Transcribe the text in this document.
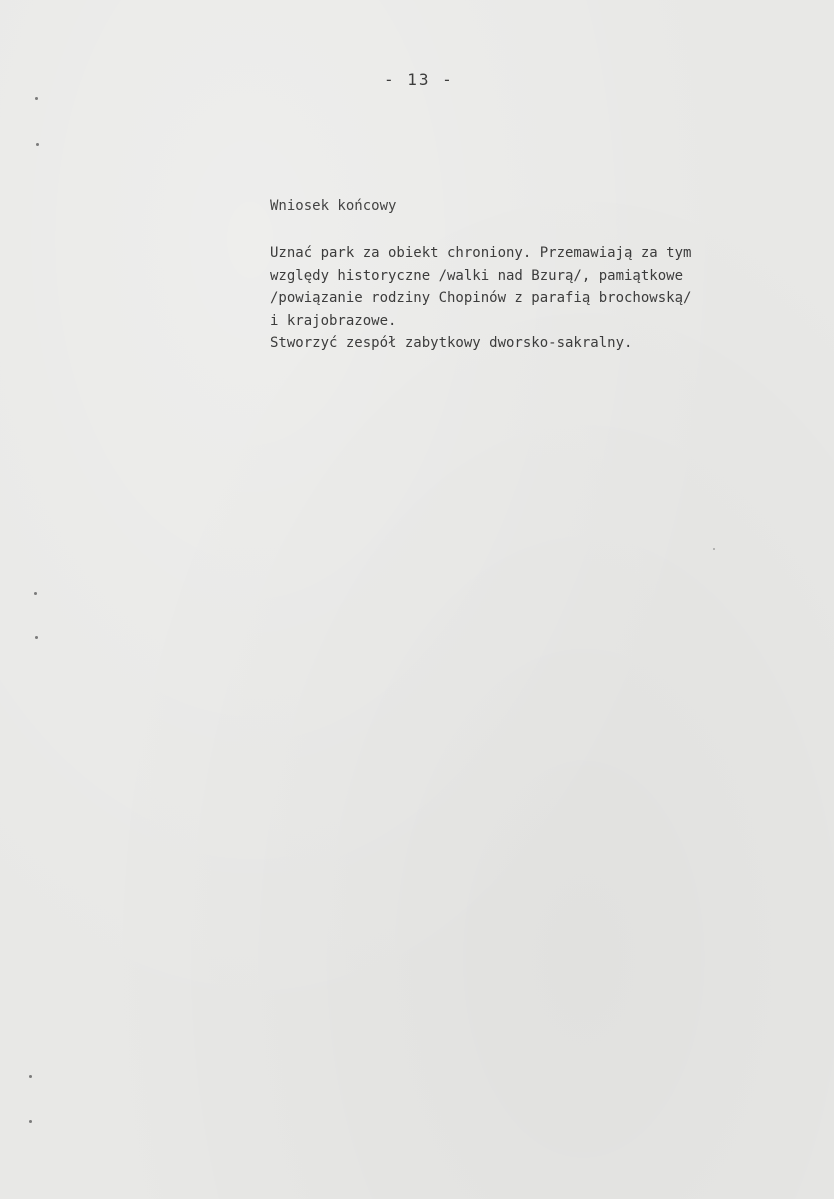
- 13 -
Wniosek końcowy
Uznać park za obiekt chroniony. Przemawiają za tym
względy historyczne /walki nad Bzurą/, pamiątkowe
/powiązanie rodziny Chopinów z parafią brochowską/
i krajobrazowe.
Stworzyć zespół zabytkowy dworsko-sakralny.
